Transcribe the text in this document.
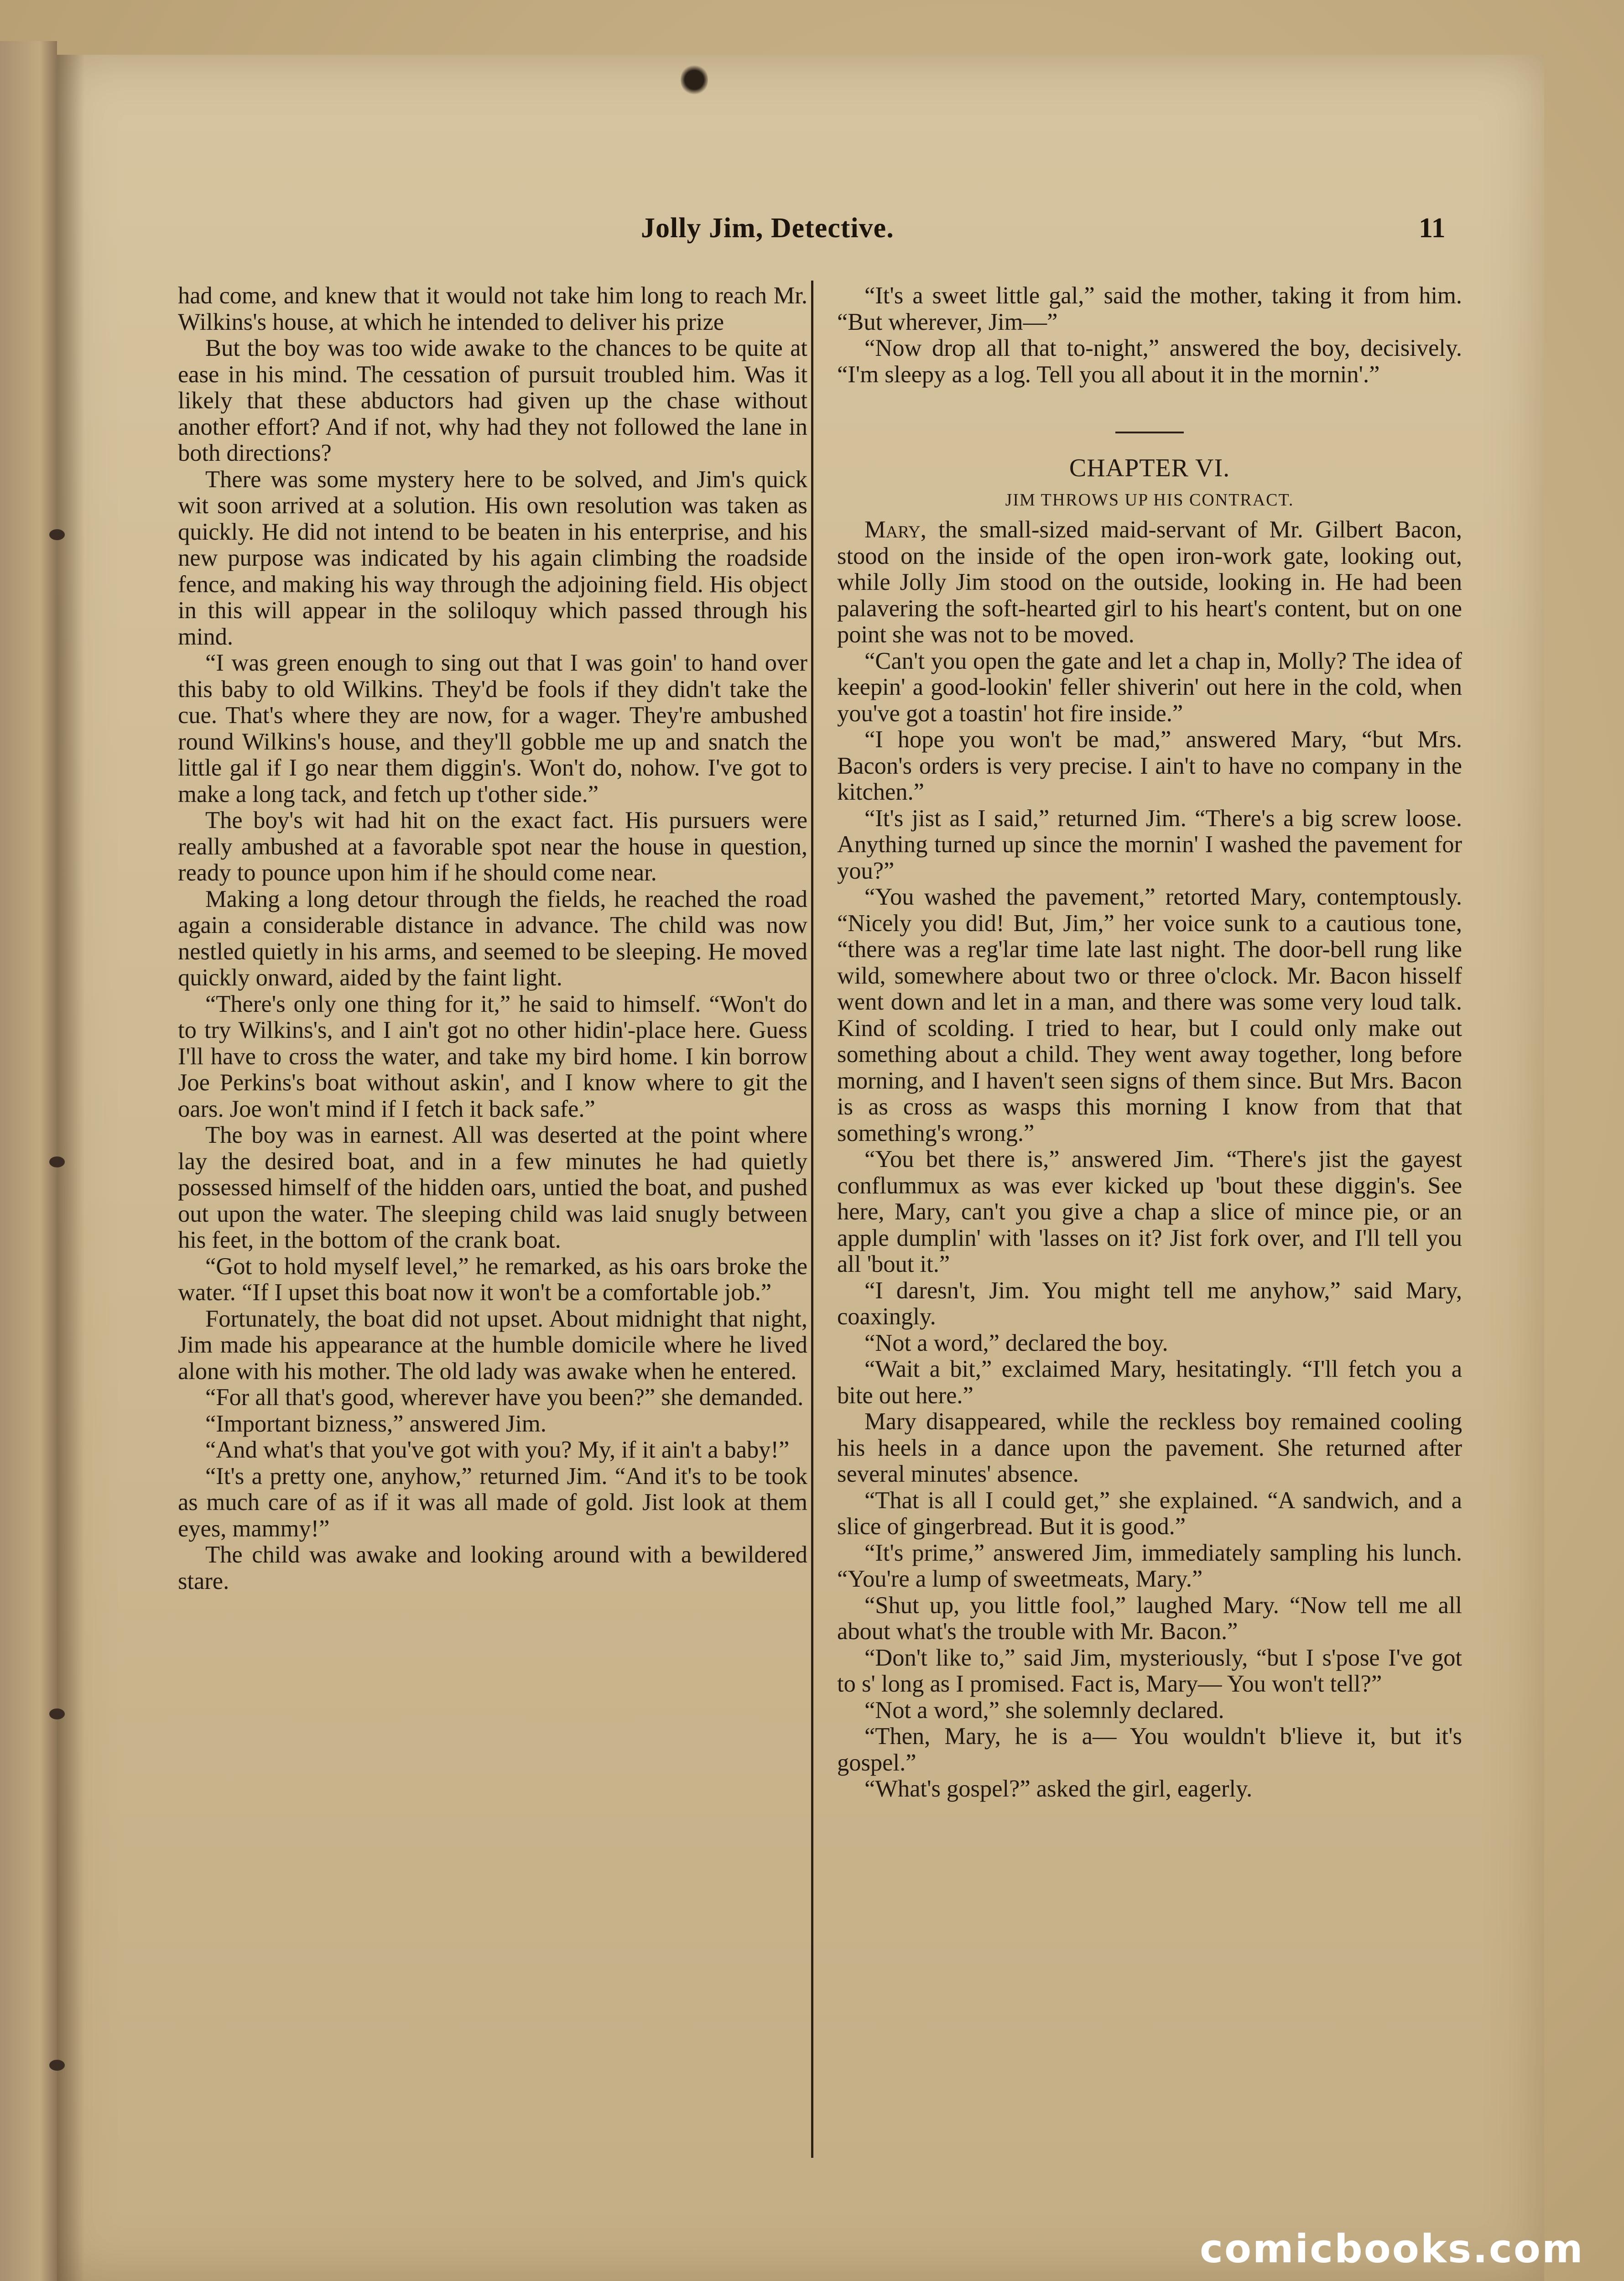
Jolly Jim, Detective.	11

had come, and knew that it would not take him long to reach Mr. Wilkins's house, at which he intended to deliver his prize

But the boy was too wide awake to the chances to be quite at ease in his mind. The cessation of pursuit troubled him. Was it likely that these abductors had given up the chase without another effort? And if not, why had they not followed the lane in both directions?

There was some mystery here to be solved, and Jim's quick wit soon arrived at a solution. His own resolution was taken as quickly. He did not intend to be beaten in his enterprise, and his new purpose was indicated by his again climbing the roadside fence, and making his way through the adjoining field. His object in this will appear in the soliloquy which passed through his mind.

“I was green enough to sing out that I was goin' to hand over this baby to old Wilkins. They'd be fools if they didn't take the cue. That's where they are now, for a wager. They're ambushed round Wilkins's house, and they'll gobble me up and snatch the little gal if I go near them diggin's. Won't do, nohow. I've got to make a long tack, and fetch up t'other side.”

The boy's wit had hit on the exact fact. His pursuers were really ambushed at a favorable spot near the house in question, ready to pounce upon him if he should come near.

Making a long detour through the fields, he reached the road again a considerable distance in advance. The child was now nestled quietly in his arms, and seemed to be sleeping. He moved quickly onward, aided by the faint light.

“There's only one thing for it,” he said to himself. “Won't do to try Wilkins's, and I ain't got no other hidin'-place here. Guess I'll have to cross the water, and take my bird home. I kin borrow Joe Perkins's boat without askin', and I know where to git the oars. Joe won't mind if I fetch it back safe.”

The boy was in earnest. All was deserted at the point where lay the desired boat, and in a few minutes he had quietly possessed himself of the hidden oars, untied the boat, and pushed out upon the water. The sleeping child was laid snugly between his feet, in the bottom of the crank boat.

“Got to hold myself level,” he remarked, as his oars broke the water. “If I upset this boat now it won't be a comfortable job.”

Fortunately, the boat did not upset. About midnight that night, Jim made his appearance at the humble domicile where he lived alone with his mother. The old lady was awake when he entered.

“For all that's good, wherever have you been?” she demanded.

“Important bizness,” answered Jim.

“And what's that you've got with you? My, if it ain't a baby!”

“It's a pretty one, anyhow,” returned Jim. “And it's to be took as much care of as if it was all made of gold. Jist look at them eyes, mammy!”

The child was awake and looking around with a bewildered stare.

“It's a sweet little gal,” said the mother, taking it from him. “But wherever, Jim—”

“Now drop all that to-night,” answered the boy, decisively. “I'm sleepy as a log. Tell you all about it in the mornin'.”

CHAPTER VI.
JIM THROWS UP HIS CONTRACT.

Mary, the small-sized maid-servant of Mr. Gilbert Bacon, stood on the inside of the open iron-work gate, looking out, while Jolly Jim stood on the outside, looking in. He had been palavering the soft-hearted girl to his heart's content, but on one point she was not to be moved.

“Can't you open the gate and let a chap in, Molly? The idea of keepin' a good-lookin' feller shiverin' out here in the cold, when you've got a toastin' hot fire inside.”

“I hope you won't be mad,” answered Mary, “but Mrs. Bacon's orders is very precise. I ain't to have no company in the kitchen.”

“It's jist as I said,” returned Jim. “There's a big screw loose. Anything turned up since the mornin' I washed the pavement for you?”

“You washed the pavement,” retorted Mary, contemptously. “Nicely you did! But, Jim,” her voice sunk to a cautious tone, “there was a reg'lar time late last night. The door-bell rung like wild, somewhere about two or three o'clock. Mr. Bacon hisself went down and let in a man, and there was some very loud talk. Kind of scolding. I tried to hear, but I could only make out something about a child. They went away together, long before morning, and I haven't seen signs of them since. But Mrs. Bacon is as cross as wasps this morning I know from that that something's wrong.”

“You bet there is,” answered Jim. “There's jist the gayest conflummux as was ever kicked up 'bout these diggin's. See here, Mary, can't you give a chap a slice of mince pie, or an apple dumplin' with 'lasses on it? Jist fork over, and I'll tell you all 'bout it.”

“I daresn't, Jim. You might tell me anyhow,” said Mary, coaxingly.

“Not a word,” declared the boy.

“Wait a bit,” exclaimed Mary, hesitatingly. “I'll fetch you a bite out here.”

Mary disappeared, while the reckless boy remained cooling his heels in a dance upon the pavement. She returned after several minutes' absence.

“That is all I could get,” she explained. “A sandwich, and a slice of gingerbread. But it is good.”

“It's prime,” answered Jim, immediately sampling his lunch. “You're a lump of sweetmeats, Mary.”

“Shut up, you little fool,” laughed Mary. “Now tell me all about what's the trouble with Mr. Bacon.”

“Don't like to,” said Jim, mysteriously, “but I s'pose I've got to s' long as I promised. Fact is, Mary— You won't tell?”

“Not a word,” she solemnly declared.

“Then, Mary, he is a— You wouldn't b'lieve it, but it's gospel.”

“What's gospel?” asked the girl, eagerly.

comicbooks.com
